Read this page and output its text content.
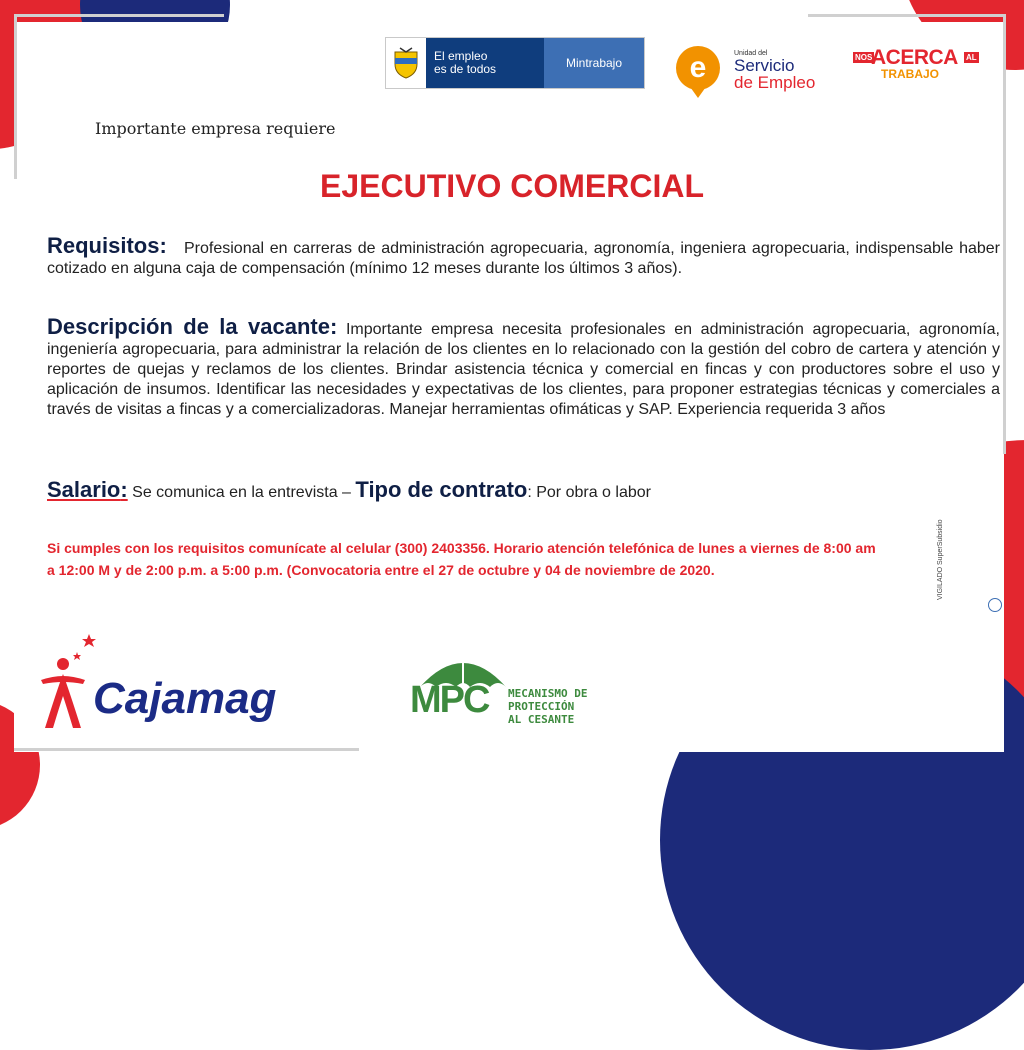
El empleo
es de todos	Mintrabajo	e	Unidad del
Servicio
de Empleo
NOS
ACERCA AL
TRABAJO
Importante empresa requiere
EJECUTIVO COMERCIAL
Requisitos: Profesional en carreras de administración agropecuaria, agronomía, ingeniera agropecuaria, indispensable haber cotizado en alguna caja de compensación (mínimo 12 meses durante los últimos 3 años).
Descripción de la vacante: Importante empresa necesita profesionales en administración agropecuaria, agronomía, ingeniería agropecuaria, para administrar la relación de los clientes en lo relacionado con la gestión del cobro de cartera y atención y reportes de quejas y reclamos de los clientes. Brindar asistencia técnica y comercial en fincas y con productores sobre el uso y aplicación de insumos. Identificar las necesidades y expectativas de los clientes, para proponer estrategias técnicas y comerciales a través de visitas a fincas y a comercializadoras. Manejar herramientas ofimáticas y SAP. Experiencia requerida 3 años
Salario: Se comunica en la entrevista – Tipo de contrato: Por obra o labor
Si cumples con los requisitos comunícate al celular (300) 2403356. Horario atención telefónica de lunes a viernes de 8:00 am a 12:00 M y de 2:00 p.m. a 5:00 p.m. (Convocatoria entre el 27 de octubre y 04 de noviembre de 2020.
Cajamag	MPC MECANISMO DE
PROTECCIÓN
AL CESANTE
VIGILADO SuperSubsidio
